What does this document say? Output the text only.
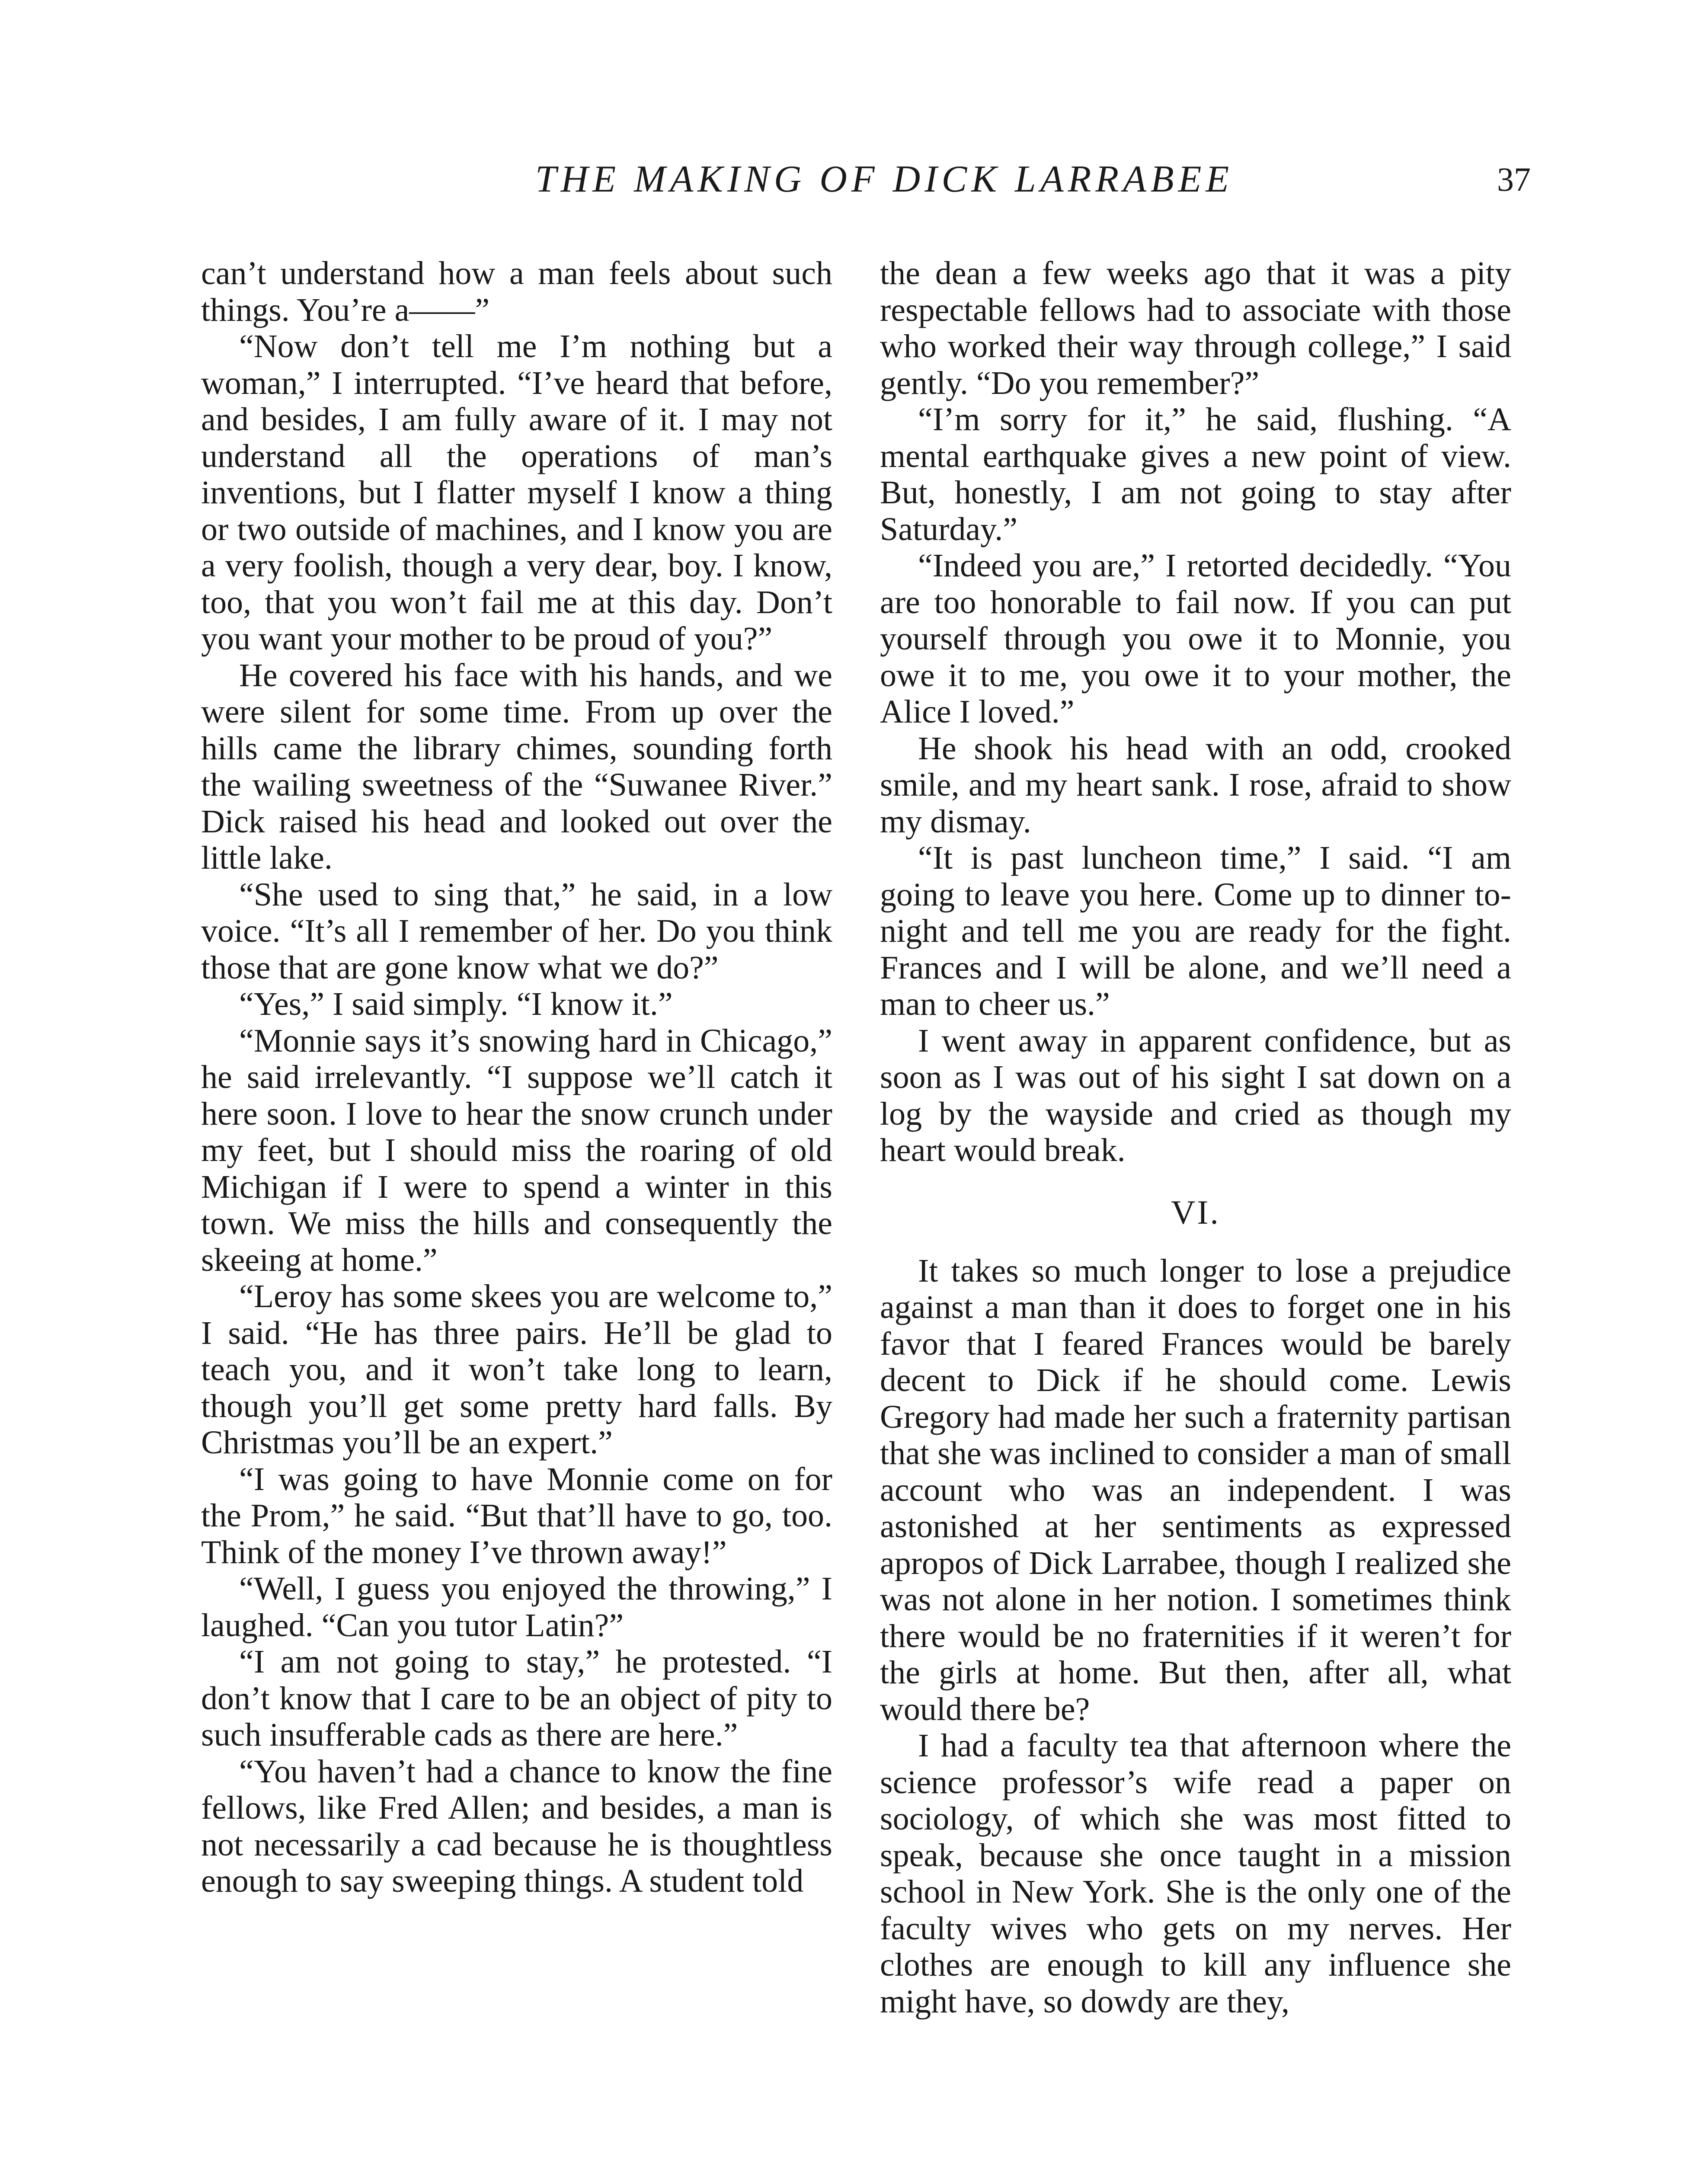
THE MAKING OF DICK LARRABEE	37

can’t understand how a man feels about such things. You’re a——”

“Now don’t tell me I’m nothing but a woman,” I interrupted. “I’ve heard that before, and besides, I am fully aware of it. I may not understand all the operations of man’s inventions, but I flatter myself I know a thing or two outside of machines, and I know you are a very foolish, though a very dear, boy. I know, too, that you won’t fail me at this day. Don’t you want your mother to be proud of you?”

He covered his face with his hands, and we were silent for some time. From up over the hills came the library chimes, sounding forth the wailing sweetness of the “Suwanee River.” Dick raised his head and looked out over the little lake.

“She used to sing that,” he said, in a low voice. “It’s all I remember of her. Do you think those that are gone know what we do?”

“Yes,” I said simply. “I know it.”

“Monnie says it’s snowing hard in Chicago,” he said irrelevantly. “I suppose we’ll catch it here soon. I love to hear the snow crunch under my feet, but I should miss the roaring of old Michigan if I were to spend a winter in this town. We miss the hills and consequently the skeeing at home.”

“Leroy has some skees you are welcome to,” I said. “He has three pairs. He’ll be glad to teach you, and it won’t take long to learn, though you’ll get some pretty hard falls. By Christmas you’ll be an expert.”

“I was going to have Monnie come on for the Prom,” he said. “But that’ll have to go, too. Think of the money I’ve thrown away!”

“Well, I guess you enjoyed the throwing,” I laughed. “Can you tutor Latin?”

“I am not going to stay,” he protested. “I don’t know that I care to be an object of pity to such insufferable cads as there are here.”

“You haven’t had a chance to know the fine fellows, like Fred Allen; and besides, a man is not necessarily a cad because he is thoughtless enough to say sweeping things. A student told

the dean a few weeks ago that it was a pity respectable fellows had to associate with those who worked their way through college,” I said gently. “Do you remember?”

“I’m sorry for it,” he said, flushing. “A mental earthquake gives a new point of view. But, honestly, I am not going to stay after Saturday.”

“Indeed you are,” I retorted decidedly. “You are too honorable to fail now. If you can put yourself through you owe it to Monnie, you owe it to me, you owe it to your mother, the Alice I loved.”

He shook his head with an odd, crooked smile, and my heart sank. I rose, afraid to show my dismay.

“It is past luncheon time,” I said. “I am going to leave you here. Come up to dinner to-night and tell me you are ready for the fight. Frances and I will be alone, and we’ll need a man to cheer us.”

I went away in apparent confidence, but as soon as I was out of his sight I sat down on a log by the wayside and cried as though my heart would break.

VI.

It takes so much longer to lose a prejudice against a man than it does to forget one in his favor that I feared Frances would be barely decent to Dick if he should come. Lewis Gregory had made her such a fraternity partisan that she was inclined to consider a man of small account who was an independent. I was astonished at her sentiments as expressed apropos of Dick Larrabee, though I realized she was not alone in her notion. I sometimes think there would be no fraternities if it weren’t for the girls at home. But then, after all, what would there be?

I had a faculty tea that afternoon where the science professor’s wife read a paper on sociology, of which she was most fitted to speak, because she once taught in a mission school in New York. She is the only one of the faculty wives who gets on my nerves. Her clothes are enough to kill any influence she might have, so dowdy are they,
